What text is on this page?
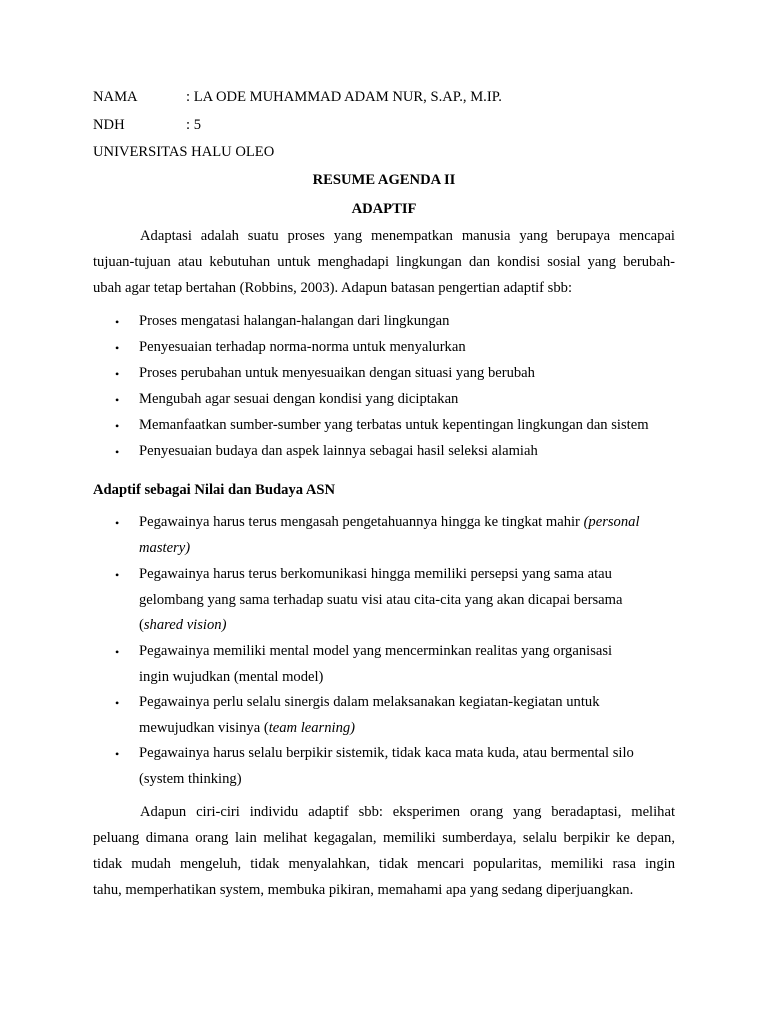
NAMA	: LA ODE MUHAMMAD ADAM NUR, S.AP., M.IP.
NDH	: 5
UNIVERSITAS HALU OLEO
RESUME AGENDA II
ADAPTIF
Adaptasi adalah suatu proses yang menempatkan manusia yang berupaya mencapai
tujuan-tujuan atau kebutuhan untuk menghadapi lingkungan dan kondisi sosial yang berubah-
ubah agar tetap bertahan (Robbins, 2003). Adapun batasan pengertian adaptif sbb:
• Proses mengatasi halangan-halangan dari lingkungan
• Penyesuaian terhadap norma-norma untuk menyalurkan
• Proses perubahan untuk menyesuaikan dengan situasi yang berubah
• Mengubah agar sesuai dengan kondisi yang diciptakan
• Memanfaatkan sumber-sumber yang terbatas untuk kepentingan lingkungan dan sistem
• Penyesuaian budaya dan aspek lainnya sebagai hasil seleksi alamiah
Adaptif sebagai Nilai dan Budaya ASN
• Pegawainya harus terus mengasah pengetahuannya hingga ke tingkat mahir (personal
mastery)
• Pegawainya harus terus berkomunikasi hingga memiliki persepsi yang sama atau
gelombang yang sama terhadap suatu visi atau cita-cita yang akan dicapai bersama
(shared vision)
• Pegawainya memiliki mental model yang mencerminkan realitas yang organisasi
ingin wujudkan (mental model)
• Pegawainya perlu selalu sinergis dalam melaksanakan kegiatan-kegiatan untuk
mewujudkan visinya (team learning)
• Pegawainya harus selalu berpikir sistemik, tidak kaca mata kuda, atau bermental silo
(system thinking)
Adapun ciri-ciri individu adaptif sbb: eksperimen orang yang beradaptasi, melihat
peluang dimana orang lain melihat kegagalan, memiliki sumberdaya, selalu berpikir ke depan,
tidak mudah mengeluh, tidak menyalahkan, tidak mencari popularitas, memiliki rasa ingin
tahu, memperhatikan system, membuka pikiran, memahami apa yang sedang diperjuangkan.
